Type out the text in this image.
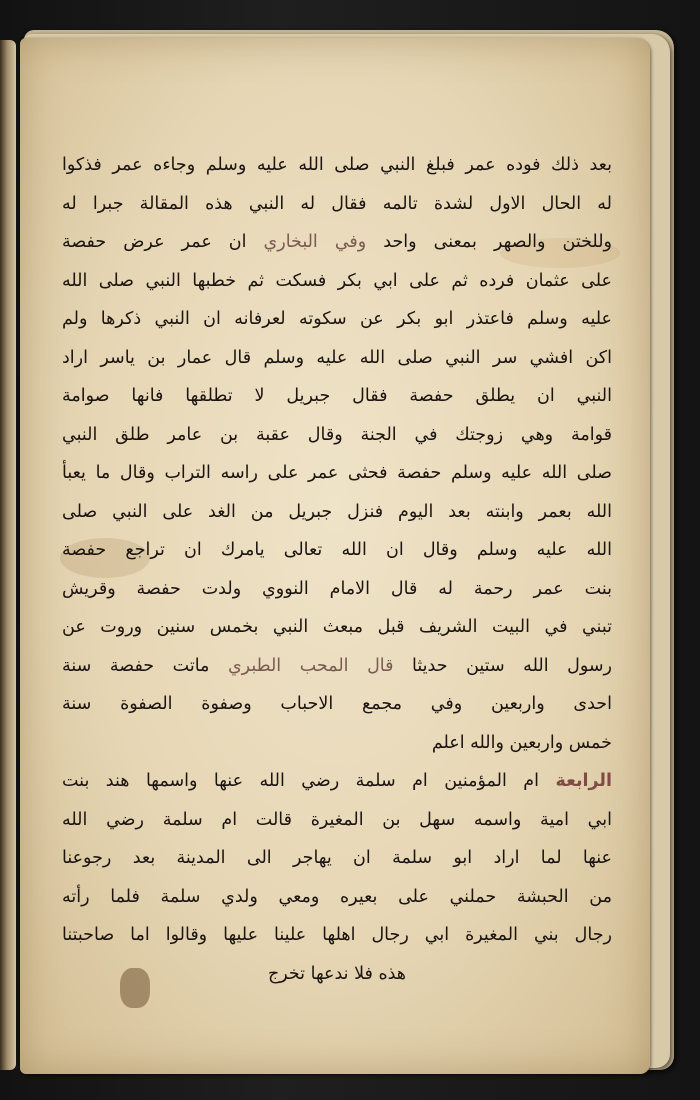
بعد ذلك فوده عمر فبلغ النبي صلى الله عليه وسلم وجاءه عمر فذكوا
له الحال الاول لشدة تالمه فقال له النبي هذه المقالة جبرا له
وللختن والصهر بمعنى واحد وفي البخاري ان عمر عرض حفصة
على عثمان فرده ثم على ابي بكر فسكت ثم خطبها النبي صلى الله
عليه وسلم فاعتذر ابو بكر عن سكوته لعرفانه ان النبي ذكرها ولم
اكن افشي سر النبي صلى الله عليه وسلم قال عمار بن ياسر اراد
النبي ان يطلق حفصة فقال جبريل لا تطلقها فانها صوامة
قوامة وهي زوجتك في الجنة وقال عقبة بن عامر طلق النبي
صلى الله عليه وسلم حفصة فحثى عمر على راسه التراب وقال ما يعبأ
الله بعمر وابنته بعد اليوم فنزل جبريل من الغد على النبي صلى
الله عليه وسلم وقال ان الله تعالى يامرك ان تراجع حفصة
بنت عمر رحمة له قال الامام النووي ولدت حفصة وقريش
تبني في البيت الشريف قبل مبعث النبي بخمس سنين وروت عن
رسول الله ستين حديثا قال المحب الطبري ماتت حفصة سنة
احدى واربعين وفي مجمع الاحباب وصفوة الصفوة سنة
خمس واربعين والله اعلم
الرابعة ام المؤمنين ام سلمة رضي الله عنها واسمها هند بنت
ابي امية واسمه سهل بن المغيرة قالت ام سلمة رضي الله
عنها لما اراد ابو سلمة ان يهاجر الى المدينة بعد رجوعنا
من الحبشة حملني على بعيره ومعي ولدي سلمة فلما رأته
رجال بني المغيرة ابي رجال اهلها علينا عليها وقالوا اما صاحبتنا
هذه فلا ندعها تخرج
